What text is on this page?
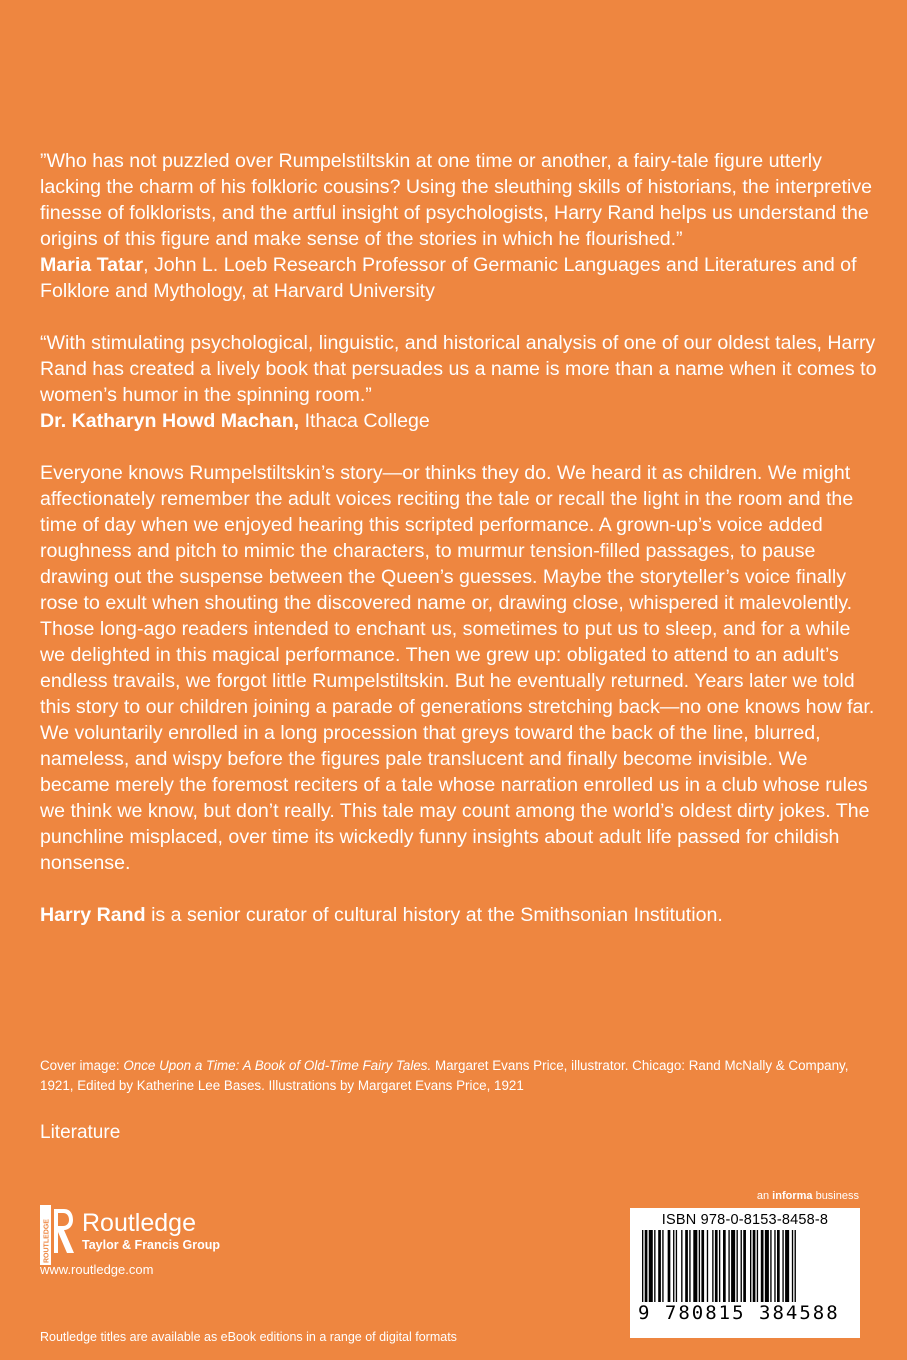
”Who has not puzzled over Rumpelstiltskin at one time or another, a fairy-tale figure utterly lacking the charm of his folkloric cousins? Using the sleuthing skills of historians, the interpretive finesse of folklorists, and the artful insight of psychologists, Harry Rand helps us understand the origins of this figure and make sense of the stories in which he flourished.”
Maria Tatar, John L. Loeb Research Professor of Germanic Languages and Literatures and of Folklore and Mythology, at Harvard University

“With stimulating psychological, linguistic, and historical analysis of one of our oldest tales, Harry Rand has created a lively book that persuades us a name is more than a name when it comes to women’s humor in the spinning room.”
Dr. Katharyn Howd Machan, Ithaca College

Everyone knows Rumpelstiltskin’s story—or thinks they do. We heard it as children. We might affectionately remember the adult voices reciting the tale or recall the light in the room and the time of day when we enjoyed hearing this scripted performance. A grown-up’s voice added roughness and pitch to mimic the characters, to murmur tension-filled passages, to pause drawing out the suspense between the Queen’s guesses. Maybe the storyteller’s voice finally rose to exult when shouting the discovered name or, drawing close, whispered it malevolently. Those long-ago readers intended to enchant us, sometimes to put us to sleep, and for a while we delighted in this magical performance. Then we grew up: obligated to attend to an adult’s endless travails, we forgot little Rumpelstiltskin. But he eventually returned. Years later we told this story to our children joining a parade of generations stretching back—no one knows how far. We voluntarily enrolled in a long procession that greys toward the back of the line, blurred, nameless, and wispy before the figures pale translucent and finally become invisible. We became merely the foremost reciters of a tale whose narration enrolled us in a club whose rules we think we know, but don’t really. This tale may count among the world’s oldest dirty jokes. The punchline misplaced, over time its wickedly funny insights about adult life passed for childish nonsense.

Harry Rand is a senior curator of cultural history at the Smithsonian Institution.

Cover image: Once Upon a Time: A Book of Old-Time Fairy Tales. Margaret Evans Price, illustrator. Chicago: Rand McNally & Company, 1921, Edited by Katherine Lee Bases. Illustrations by Margaret Evans Price, 1921
Literature
an informa business
ROUTLEDGE Routledge
Taylor & Francis Group
www.routledge.com
Routledge titles are available as eBook editions in a range of digital formats
ISBN 978-0-8153-8458-8
9 780815 384588
